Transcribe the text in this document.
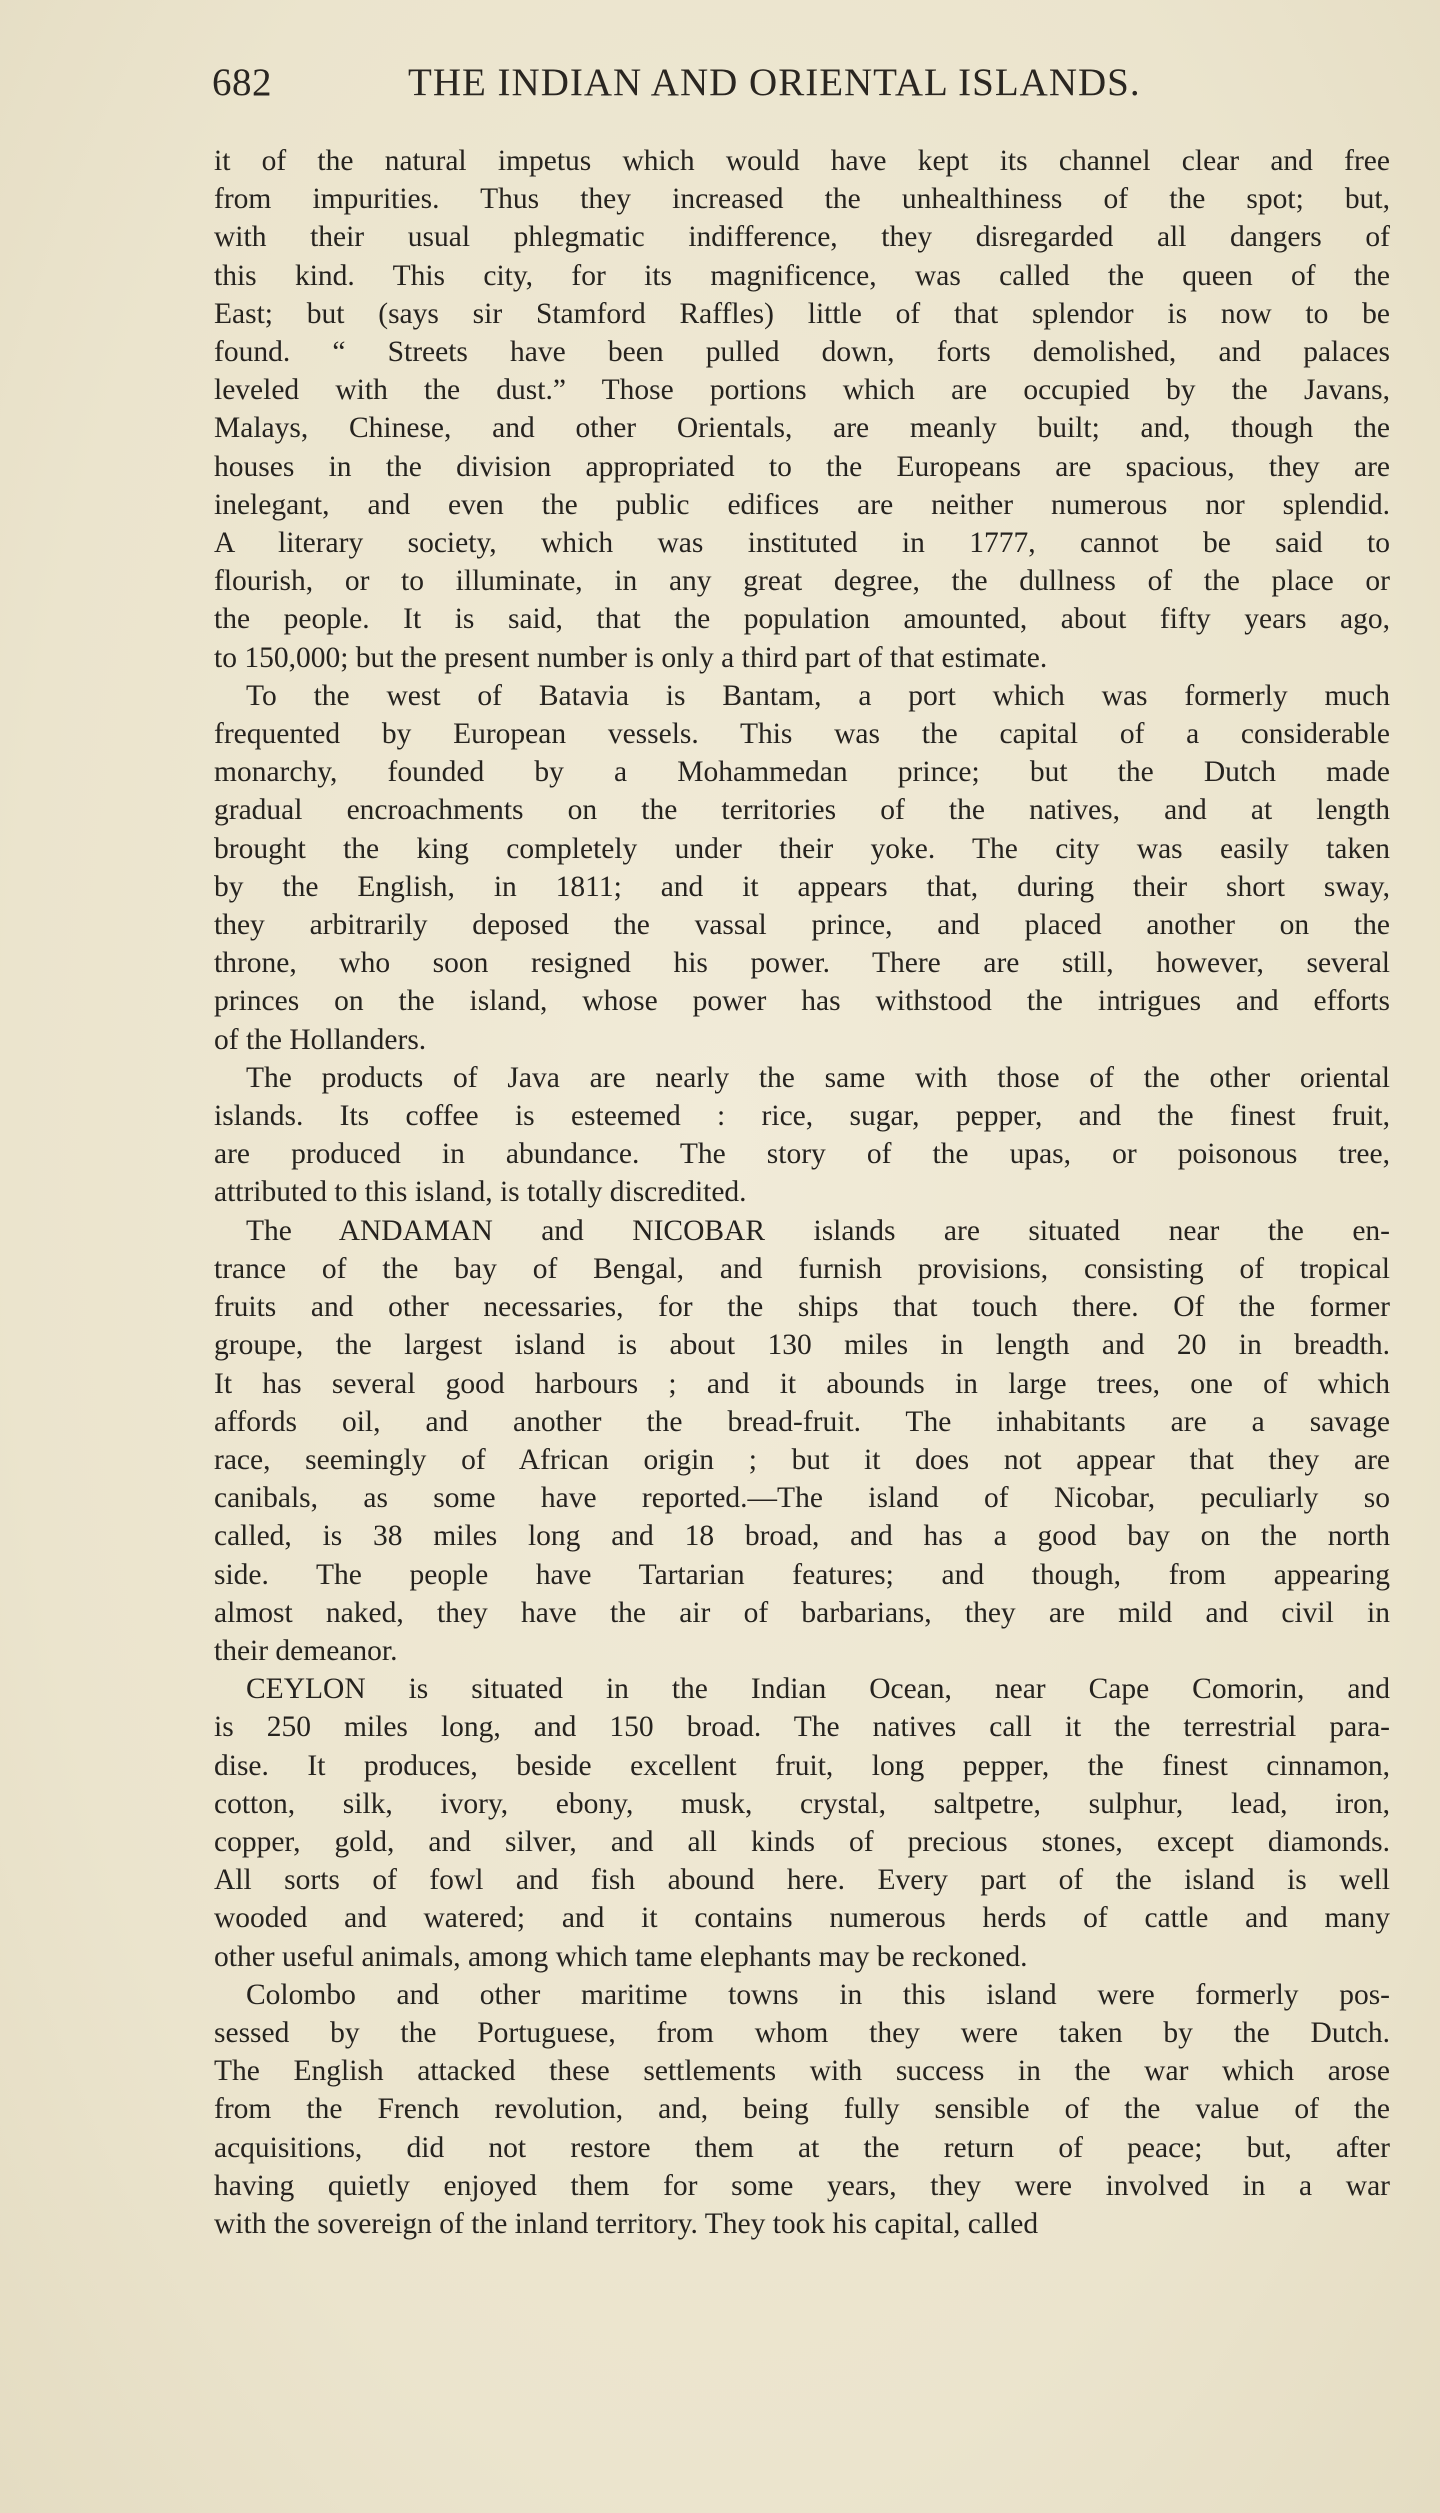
682	THE INDIAN AND ORIENTAL ISLANDS.
it of the natural impetus which would have kept its channel clear and free
from impurities. Thus they increased the unhealthiness of the spot; but,
with their usual phlegmatic indifference, they disregarded all dangers of
this kind. This city, for its magnificence, was called the queen of the
East; but (says sir Stamford Raffles) little of that splendor is now to be
found. “ Streets have been pulled down, forts demolished, and palaces
leveled with the dust.” Those portions which are occupied by the Javans,
Malays, Chinese, and other Orientals, are meanly built; and, though the
houses in the division appropriated to the Europeans are spacious, they are
inelegant, and even the public edifices are neither numerous nor splendid.
A literary society, which was instituted in 1777, cannot be said to
flourish, or to illuminate, in any great degree, the dullness of the place or
the people. It is said, that the population amounted, about fifty years ago,
to 150,000; but the present number is only a third part of that estimate.
To the west of Batavia is Bantam, a port which was formerly much
frequented by European vessels. This was the capital of a considerable
monarchy, founded by a Mohammedan prince; but the Dutch made
gradual encroachments on the territories of the natives, and at length
brought the king completely under their yoke. The city was easily taken
by the English, in 1811; and it appears that, during their short sway,
they arbitrarily deposed the vassal prince, and placed another on the
throne, who soon resigned his power. There are still, however, several
princes on the island, whose power has withstood the intrigues and efforts
of the Hollanders.
The products of Java are nearly the same with those of the other oriental
islands. Its coffee is esteemed : rice, sugar, pepper, and the finest fruit,
are produced in abundance. The story of the upas, or poisonous tree,
attributed to this island, is totally discredited.
The ANDAMAN and NICOBAR islands are situated near the en-
trance of the bay of Bengal, and furnish provisions, consisting of tropical
fruits and other necessaries, for the ships that touch there. Of the former
groupe, the largest island is about 130 miles in length and 20 in breadth.
It has several good harbours ; and it abounds in large trees, one of which
affords oil, and another the bread-fruit. The inhabitants are a savage
race, seemingly of African origin ; but it does not appear that they are
canibals, as some have reported.—The island of Nicobar, peculiarly so
called, is 38 miles long and 18 broad, and has a good bay on the north
side. The people have Tartarian features; and though, from appearing
almost naked, they have the air of barbarians, they are mild and civil in
their demeanor.
CEYLON is situated in the Indian Ocean, near Cape Comorin, and
is 250 miles long, and 150 broad. The natives call it the terrestrial para-
dise. It produces, beside excellent fruit, long pepper, the finest cinnamon,
cotton, silk, ivory, ebony, musk, crystal, saltpetre, sulphur, lead, iron,
copper, gold, and silver, and all kinds of precious stones, except diamonds.
All sorts of fowl and fish abound here. Every part of the island is well
wooded and watered; and it contains numerous herds of cattle and many
other useful animals, among which tame elephants may be reckoned.
Colombo and other maritime towns in this island were formerly pos-
sessed by the Portuguese, from whom they were taken by the Dutch.
The English attacked these settlements with success in the war which arose
from the French revolution, and, being fully sensible of the value of the
acquisitions, did not restore them at the return of peace; but, after
having quietly enjoyed them for some years, they were involved in a war
with the sovereign of the inland territory. They took his capital, called
